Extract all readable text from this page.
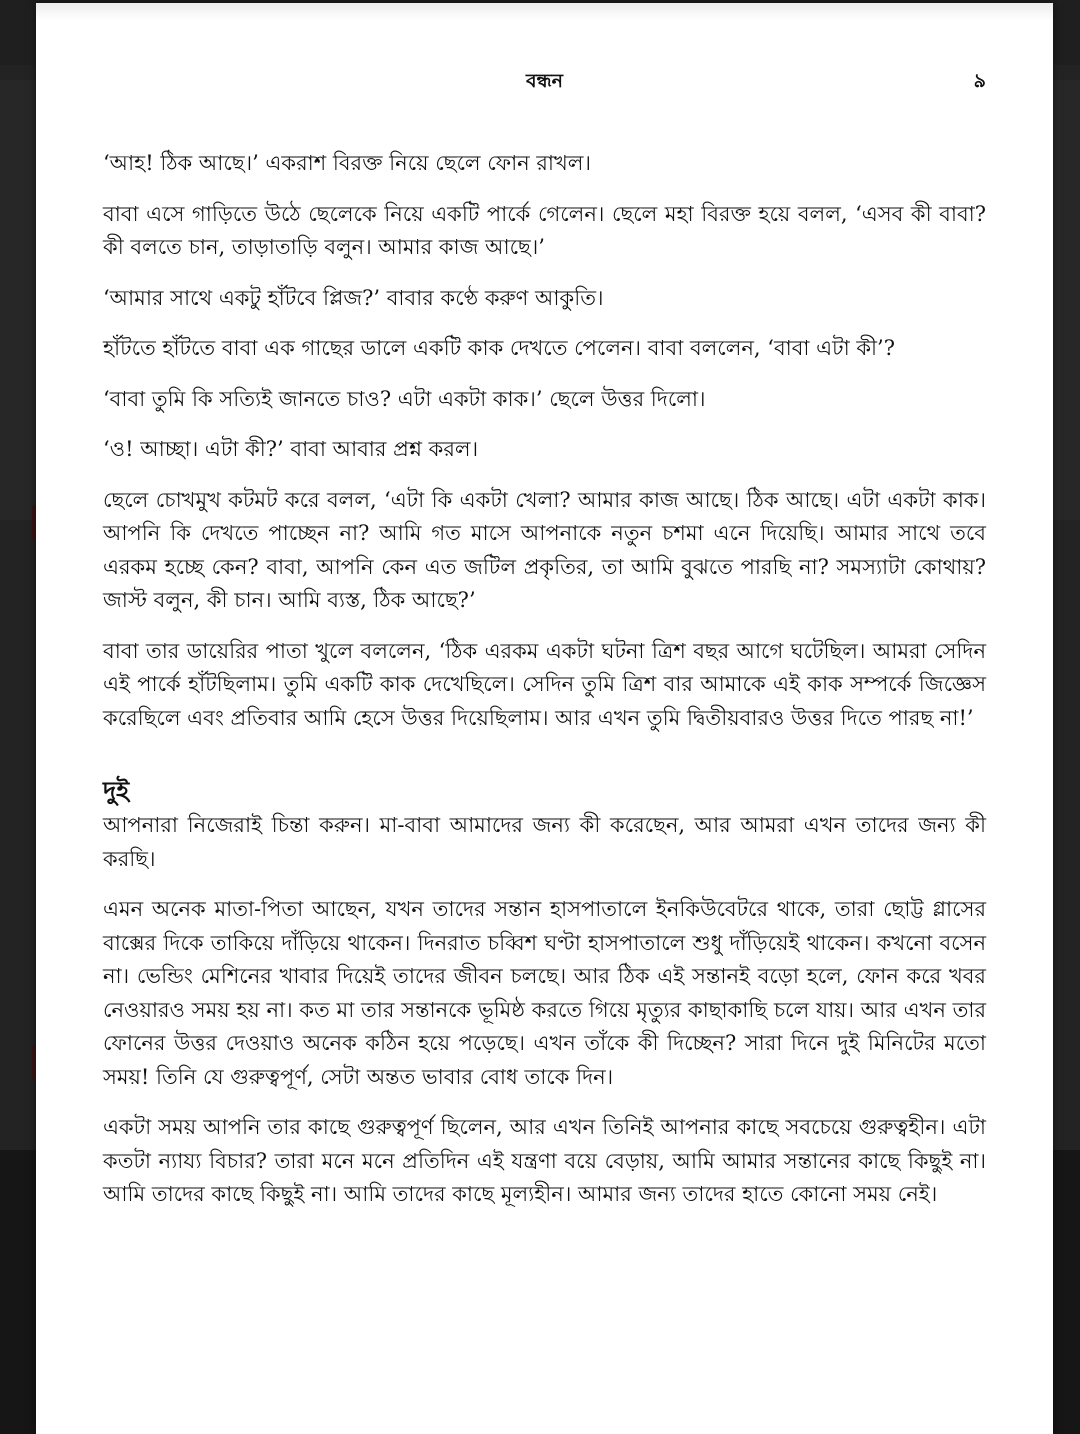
বন্ধন	৯

‘আহ! ঠিক আছে।’ একরাশ বিরক্ত নিয়ে ছেলে ফোন রাখল।

বাবা এসে গাড়িতে উঠে ছেলেকে নিয়ে একটি পার্কে গেলেন। ছেলে মহা বিরক্ত হয়ে বলল, ‘এসব কী বাবা? কী বলতে চান, তাড়াতাড়ি বলুন। আমার কাজ আছে।’

‘আমার সাথে একটু হাঁটবে প্লিজ?’ বাবার কণ্ঠে করুণ আকুতি।

হাঁটতে হাঁটতে বাবা এক গাছের ডালে একটি কাক দেখতে পেলেন। বাবা বললেন, ‘বাবা এটা কী’?

‘বাবা তুমি কি সত্যিই জানতে চাও? এটা একটা কাক।’ ছেলে উত্তর দিলো।

‘ও! আচ্ছা। এটা কী?’ বাবা আবার প্রশ্ন করল।

ছেলে চোখমুখ কটমট করে বলল, ‘এটা কি একটা খেলা? আমার কাজ আছে। ঠিক আছে। এটা একটা কাক। আপনি কি দেখতে পাচ্ছেন না? আমি গত মাসে আপনাকে নতুন চশমা এনে দিয়েছি। আমার সাথে তবে এরকম হচ্ছে কেন? বাবা, আপনি কেন এত জটিল প্রকৃতির, তা আমি বুঝতে পারছি না? সমস্যাটা কোথায়? জাস্ট বলুন, কী চান। আমি ব্যস্ত, ঠিক আছে?’

বাবা তার ডায়েরির পাতা খুলে বললেন, ‘ঠিক এরকম একটা ঘটনা ত্রিশ বছর আগে ঘটেছিল। আমরা সেদিন এই পার্কে হাঁটছিলাম। তুমি একটি কাক দেখেছিলে। সেদিন তুমি ত্রিশ বার আমাকে এই কাক সম্পর্কে জিজ্ঞেস করেছিলে এবং প্রতিবার আমি হেসে উত্তর দিয়েছিলাম। আর এখন তুমি দ্বিতীয়বারও উত্তর দিতে পারছ না!’

দুই

আপনারা নিজেরাই চিন্তা করুন। মা-বাবা আমাদের জন্য কী করেছেন, আর আমরা এখন তাদের জন্য কী করছি।

এমন অনেক মাতা-পিতা আছেন, যখন তাদের সন্তান হাসপাতালে ইনকিউবেটরে থাকে, তারা ছোট্ট গ্লাসের বাক্সের দিকে তাকিয়ে দাঁড়িয়ে থাকেন। দিনরাত চব্বিশ ঘণ্টা হাসপাতালে শুধু দাঁড়িয়েই থাকেন। কখনো বসেন না। ভেন্ডিং মেশিনের খাবার দিয়েই তাদের জীবন চলছে। আর ঠিক এই সন্তানই বড়ো হলে, ফোন করে খবর নেওয়ারও সময় হয় না। কত মা তার সন্তানকে ভূমিষ্ঠ করতে গিয়ে মৃত্যুর কাছাকাছি চলে যায়। আর এখন তার ফোনের উত্তর দেওয়াও অনেক কঠিন হয়ে পড়েছে। এখন তাঁকে কী দিচ্ছেন? সারা দিনে দুই মিনিটের মতো সময়! তিনি যে গুরুত্বপূর্ণ, সেটা অন্তত ভাবার বোধ তাকে দিন।

একটা সময় আপনি তার কাছে গুরুত্বপূর্ণ ছিলেন, আর এখন তিনিই আপনার কাছে সবচেয়ে গুরুত্বহীন। এটা কতটা ন্যায্য বিচার? তারা মনে মনে প্রতিদিন এই যন্ত্রণা বয়ে বেড়ায়, আমি আমার সন্তানের কাছে কিছুই না। আমি তাদের কাছে কিছুই না। আমি তাদের কাছে মূল্যহীন। আমার জন্য তাদের হাতে কোনো সময় নেই।
